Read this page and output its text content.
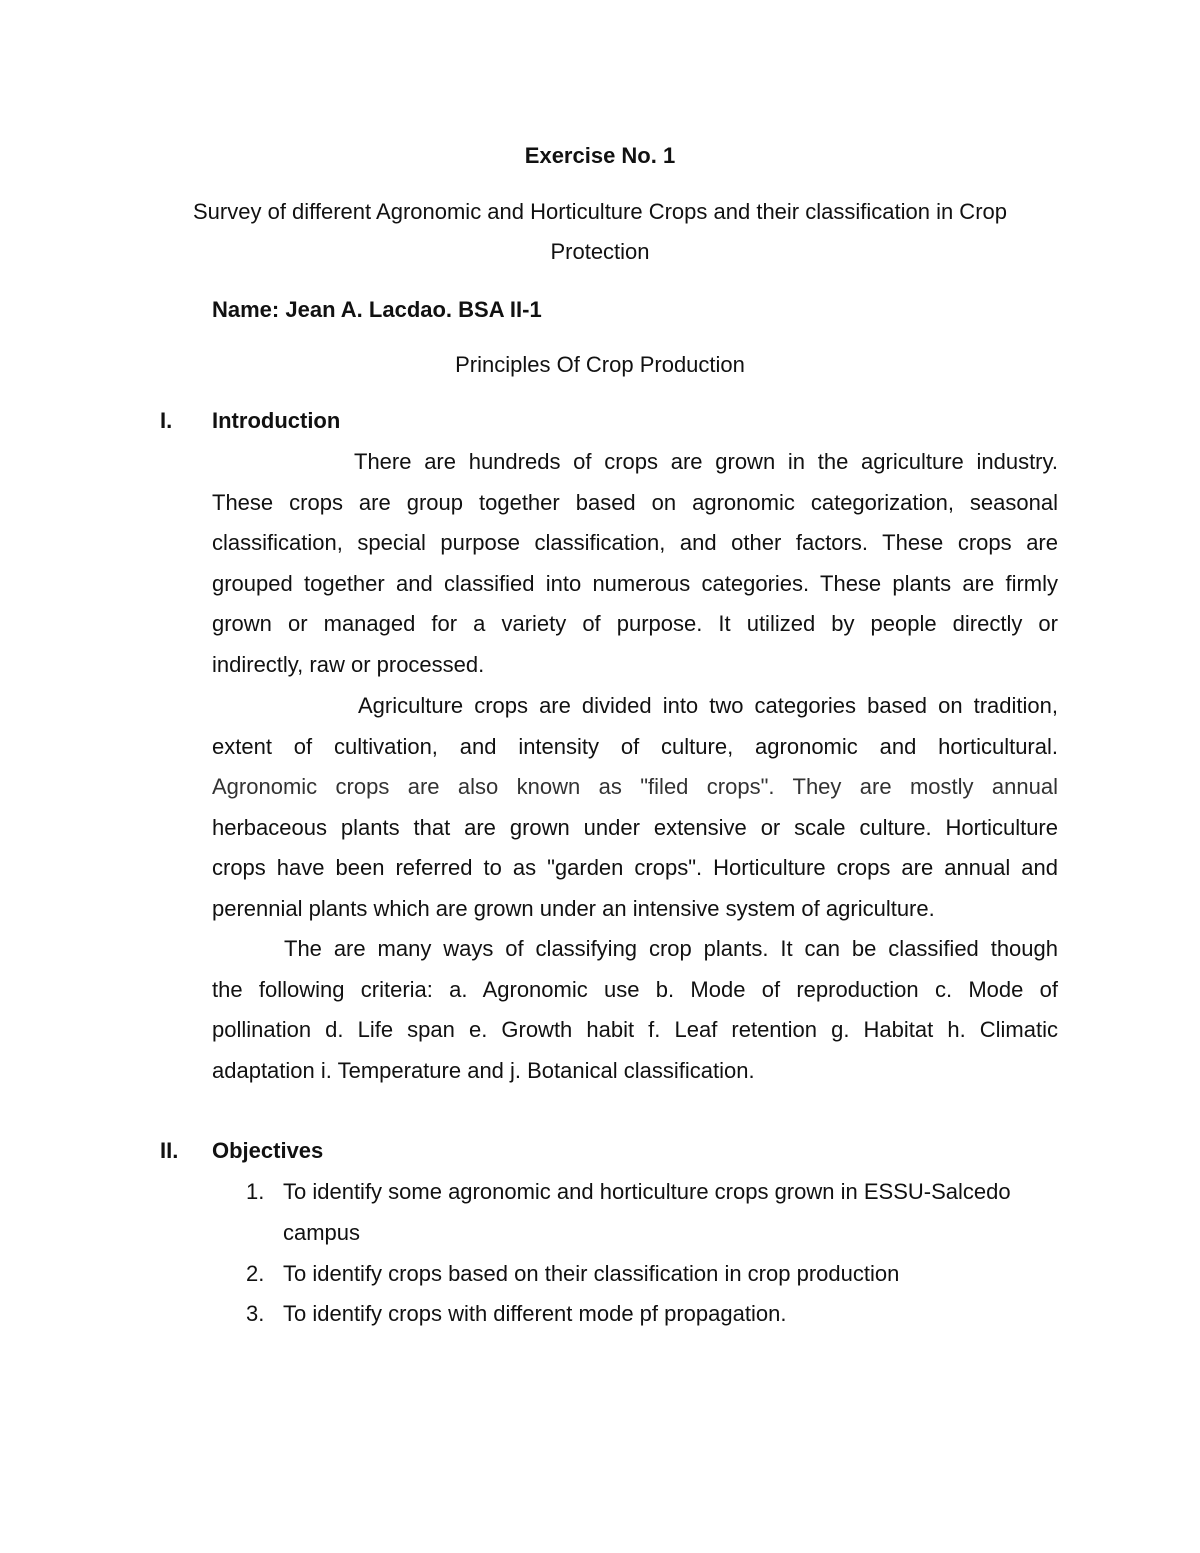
Exercise No. 1
Survey of different Agronomic and Horticulture Crops and their classification in Crop
Protection
Name: Jean A. Lacdao. BSA II-1
Principles Of Crop Production
I. Introduction
There are hundreds of crops are grown in the agriculture industry.
These crops are group together based on agronomic categorization, seasonal
classification, special purpose classification, and other factors. These crops are
grouped together and classified into numerous categories. These plants are firmly
grown or managed for a variety of purpose. It utilized by people directly or
indirectly, raw or processed.
Agriculture crops are divided into two categories based on tradition,
extent of cultivation, and intensity of culture, agronomic and horticultural.
Agronomic crops are also known as "filed crops". They are mostly annual
herbaceous plants that are grown under extensive or scale culture. Horticulture
crops have been referred to as "garden crops". Horticulture crops are annual and
perennial plants which are grown under an intensive system of agriculture.
The are many ways of classifying crop plants. It can be classified though
the following criteria: a. Agronomic use b. Mode of reproduction c. Mode of
pollination d. Life span e. Growth habit f. Leaf retention g. Habitat h. Climatic
adaptation i. Temperature and j. Botanical classification.
II. Objectives
1. To identify some agronomic and horticulture crops grown in ESSU-Salcedo
campus
2. To identify crops based on their classification in crop production
3. To identify crops with different mode pf propagation.
